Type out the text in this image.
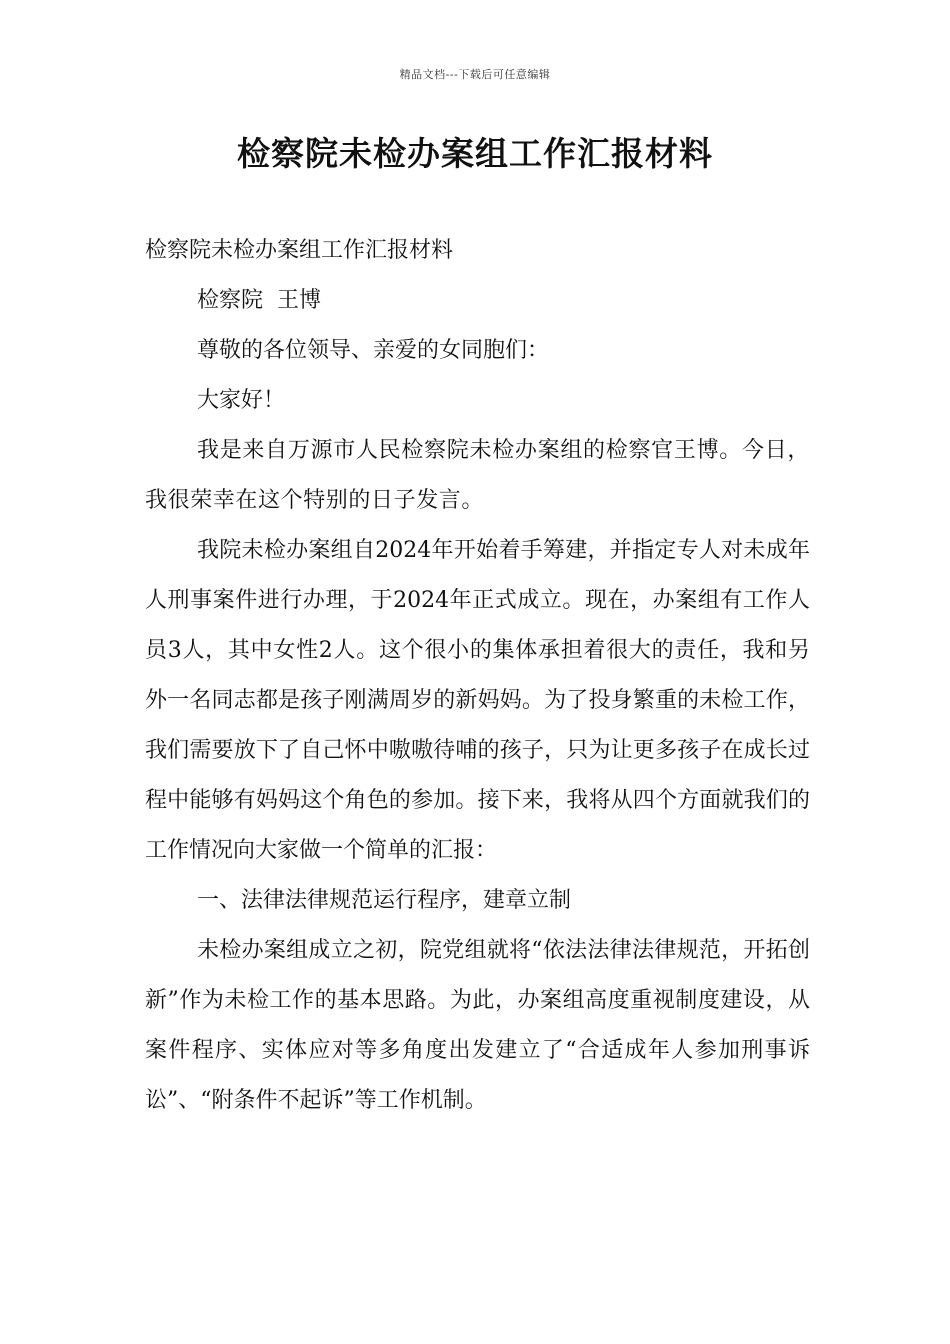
精品文档---下载后可任意编辑
检察院未检办案组工作汇报材料

检察院未检办案组工作汇报材料

检察院  王博

尊敬的各位领导、亲爱的女同胞们：

大家好！

我是来自万源市人民检察院未检办案组的检察官王博。今日，我很荣幸在这个特别的日子发言。

我院未检办案组自2024年开始着手筹建，并指定专人对未成年人刑事案件进行办理，于2024年正式成立。现在，办案组有工作人员3人，其中女性2人。这个很小的集体承担着很大的责任，我和另外一名同志都是孩子刚满周岁的新妈妈。为了投身繁重的未检工作，我们需要放下了自己怀中嗷嗷待哺的孩子，只为让更多孩子在成长过程中能够有妈妈这个角色的参加。接下来，我将从四个方面就我们的工作情况向大家做一个简单的汇报：

一、法律法律规范运行程序，建章立制

未检办案组成立之初，院党组就将“依法法律法律规范，开拓创新”作为未检工作的基本思路。为此，办案组高度重视制度建设，从案件程序、实体应对等多角度出发建立了“合适成年人参加刑事诉讼”、“附条件不起诉”等工作机制。
